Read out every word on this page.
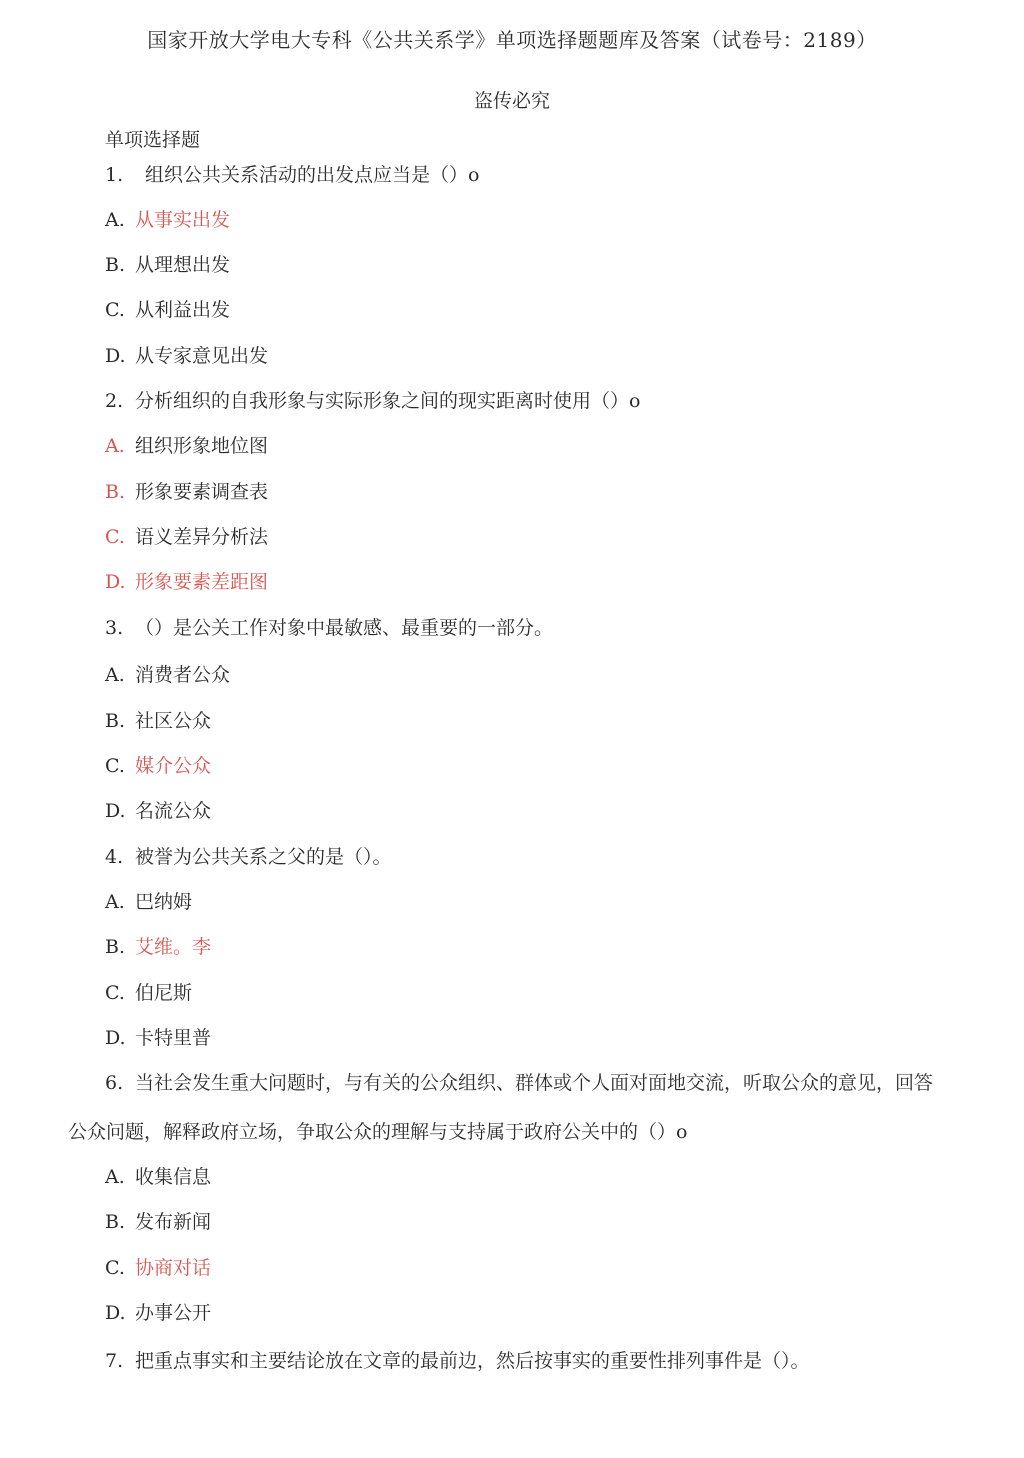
国家开放大学电大专科《公共关系学》单项选择题题库及答案（试卷号：2189）
盗传必究
单项选择题
1. 组织公共关系活动的出发点应当是（）o
A. 从事实出发
B. 从理想出发
C. 从利益出发
D. 从专家意见出发
2. 分析组织的自我形象与实际形象之间的现实距离时使用（）o
A. 组织形象地位图
B. 形象要素调查表
C. 语义差异分析法
D. 形象要素差距图
3. （）是公关工作对象中最敏感、最重要的一部分。
A. 消费者公众
B. 社区公众
C. 媒介公众
D. 名流公众
4. 被誉为公共关系之父的是（）。
A. 巴纳姆
B. 艾维。李
C. 伯尼斯
D. 卡特里普
6. 当社会发生重大问题时，与有关的公众组织、群体或个人面对面地交流，听取公众的意见，回答
公众问题，解释政府立场，争取公众的理解与支持属于政府公关中的（）o
A. 收集信息
B. 发布新闻
C. 协商对话
D. 办事公开
7. 把重点事实和主要结论放在文章的最前边，然后按事实的重要性排列事件是（）。
